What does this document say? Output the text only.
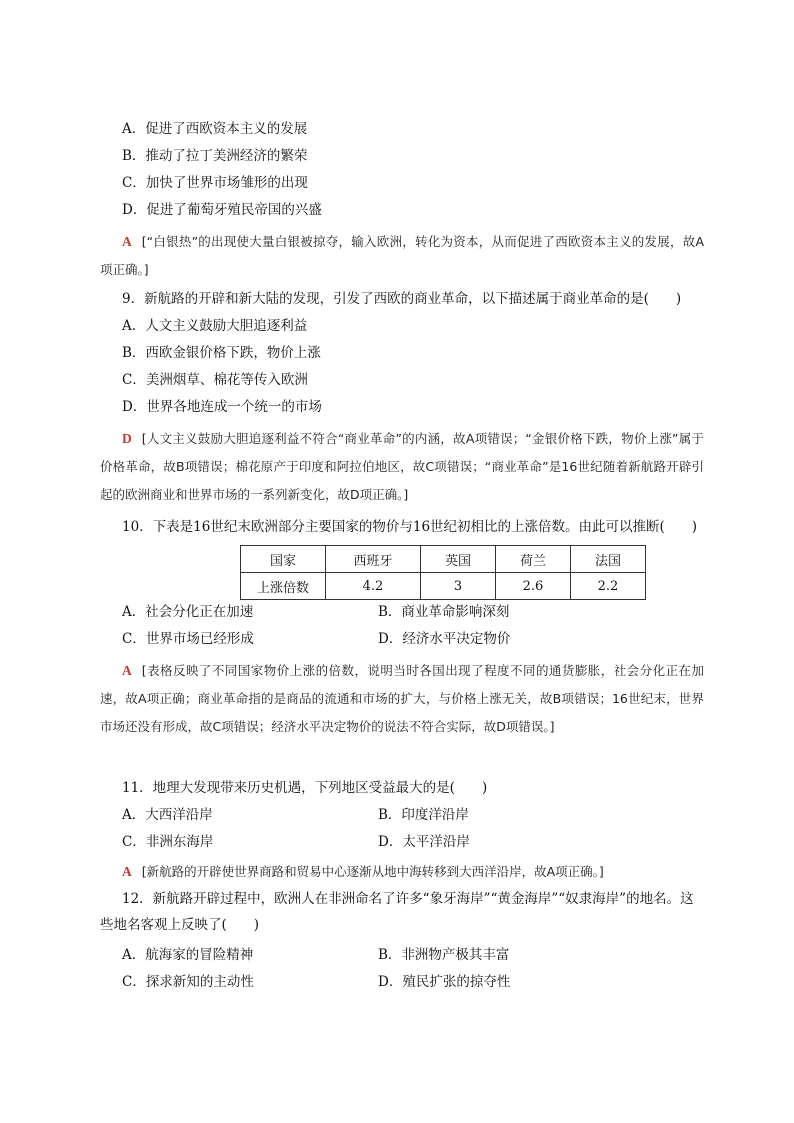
A．促进了西欧资本主义的发展
B．推动了拉丁美洲经济的繁荣
C．加快了世界市场雏形的出现
D．促进了葡萄牙殖民帝国的兴盛
A [“白银热”的出现使大量白银被掠夺，输入欧洲，转化为资本，从而促进了西欧资本主义的发展，故A项正确。]
9．新航路的开辟和新大陆的发现，引发了西欧的商业革命，以下描述属于商业革命的是(　　)
A．人文主义鼓励大胆追逐利益
B．西欧金银价格下跌，物价上涨
C．美洲烟草、棉花等传入欧洲
D．世界各地连成一个统一的市场
D [人文主义鼓励大胆追逐利益不符合“商业革命”的内涵，故A项错误；“金银价格下跌，物价上涨”属于价格革命，故B项错误；棉花原产于印度和阿拉伯地区，故C项错误；“商业革命”是16世纪随着新航路开辟引起的欧洲商业和世界市场的一系列新变化，故D项正确。]
10．下表是16世纪末欧洲部分主要国家的物价与16世纪初相比的上涨倍数。由此可以推断(　　)
国家	西班牙	英国	荷兰	法国
上涨倍数	4.2	3	2.6	2.2
A．社会分化正在加速	B．商业革命影响深刻
C．世界市场已经形成	D．经济水平决定物价
A [表格反映了不同国家物价上涨的倍数，说明当时各国出现了程度不同的通货膨胀，社会分化正在加速，故A项正确；商业革命指的是商品的流通和市场的扩大，与价格上涨无关，故B项错误；16世纪末，世界市场还没有形成，故C项错误；经济水平决定物价的说法不符合实际，故D项错误。]
11．地理大发现带来历史机遇，下列地区受益最大的是(　　)
A．大西洋沿岸	B．印度洋沿岸
C．非洲东海岸	D．太平洋沿岸
A [新航路的开辟使世界商路和贸易中心逐渐从地中海转移到大西洋沿岸，故A项正确。]
12．新航路开辟过程中，欧洲人在非洲命名了许多“象牙海岸”“黄金海岸”“奴隶海岸”的地名。这些地名客观上反映了(　　)
A．航海家的冒险精神	B．非洲物产极其丰富
C．探求新知的主动性	D．殖民扩张的掠夺性
